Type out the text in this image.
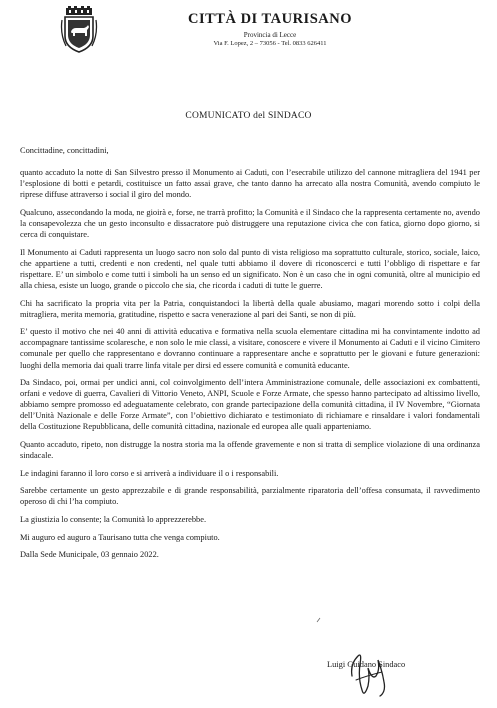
CITTÀ DI TAURISANO
Provincia di Lecce
Via F. Lopez, 2 – 73056 - Tel. 0833 626411
COMUNICATO del SINDACO

Concittadine, concittadini,

quanto accaduto la notte di San Silvestro presso il Monumento ai Caduti, con l’esecrabile utilizzo del cannone mitragliera del 1941 per l’esplosione di botti e petardi, costituisce un fatto assai grave, che tanto danno ha arrecato alla nostra Comunità, avendo compiuto le riprese diffuse attraverso i social il giro del mondo.

Qualcuno, assecondando la moda, ne gioirà e, forse, ne trarrà profitto; la Comunità e il Sindaco che la rappresenta certamente no, avendo la consapevolezza che un gesto inconsulto e dissacratore può distruggere una reputazione civica che con fatica, giorno dopo giorno, si cerca di conquistare.

Il Monumento ai Caduti rappresenta un luogo sacro non solo dal punto di vista religioso ma soprattutto culturale, storico, sociale, laico, che appartiene a tutti, credenti e non credenti, nel quale tutti abbiamo il dovere di riconoscerci e tutti l’obbligo di rispettare e far rispettare. E’ un simbolo e come tutti i simboli ha un senso ed un significato. Non è un caso che in ogni comunità, oltre al municipio ed alla chiesa, esiste un luogo, grande o piccolo che sia, che ricorda i caduti di tutte le guerre.

Chi ha sacrificato la propria vita per la Patria, conquistandoci la libertà della quale abusiamo, magari morendo sotto i colpi della mitragliera, merita memoria, gratitudine, rispetto e sacra venerazione al pari dei Santi, se non di più.

E’ questo il motivo che nei 40 anni di attività educativa e formativa nella scuola elementare cittadina mi ha convintamente indotto ad accompagnare tantissime scolaresche, e non solo le mie classi, a visitare, conoscere e vivere il Monumento ai Caduti e il vicino Cimitero comunale per quello che rappresentano e dovranno continuare a rappresentare anche e soprattutto per le giovani e future generazioni: luoghi della memoria dai quali trarre linfa vitale per dirsi ed essere comunità e comunità educante.

Da Sindaco, poi, ormai per undici anni, col coinvolgimento dell’intera Amministrazione comunale, delle associazioni ex combattenti, orfani e vedove di guerra, Cavalieri di Vittorio Veneto, ANPI, Scuole e Forze Armate, che spesso hanno partecipato ad altissimo livello, abbiamo sempre promosso ed adeguatamente celebrato, con grande partecipazione della comunità cittadina, il IV Novembre, “Giornata dell’Unità Nazionale e delle Forze Armate”, con l’obiettivo dichiarato e testimoniato di richiamare e rinsaldare i valori fondamentali della Costituzione Repubblicana, delle comunità cittadina, nazionale ed europea alle quali apparteniamo.

Quanto accaduto, ripeto, non distrugge la nostra storia ma la offende gravemente e non si tratta di semplice violazione di una ordinanza sindacale.

Le indagini faranno il loro corso e si arriverà a individuare il o i responsabili.

Sarebbe certamente un gesto apprezzabile e di grande responsabilità, parzialmente riparatoria dell’offesa consumata, il ravvedimento operoso di chi l’ha compiuto.

La giustizia lo consente; la Comunità lo apprezzerebbe.

Mi auguro ed auguro a Taurisano tutta che venga compiuto.

Dalla Sede Municipale, 03 gennaio 2022.

Luigi Guidano Sindaco
